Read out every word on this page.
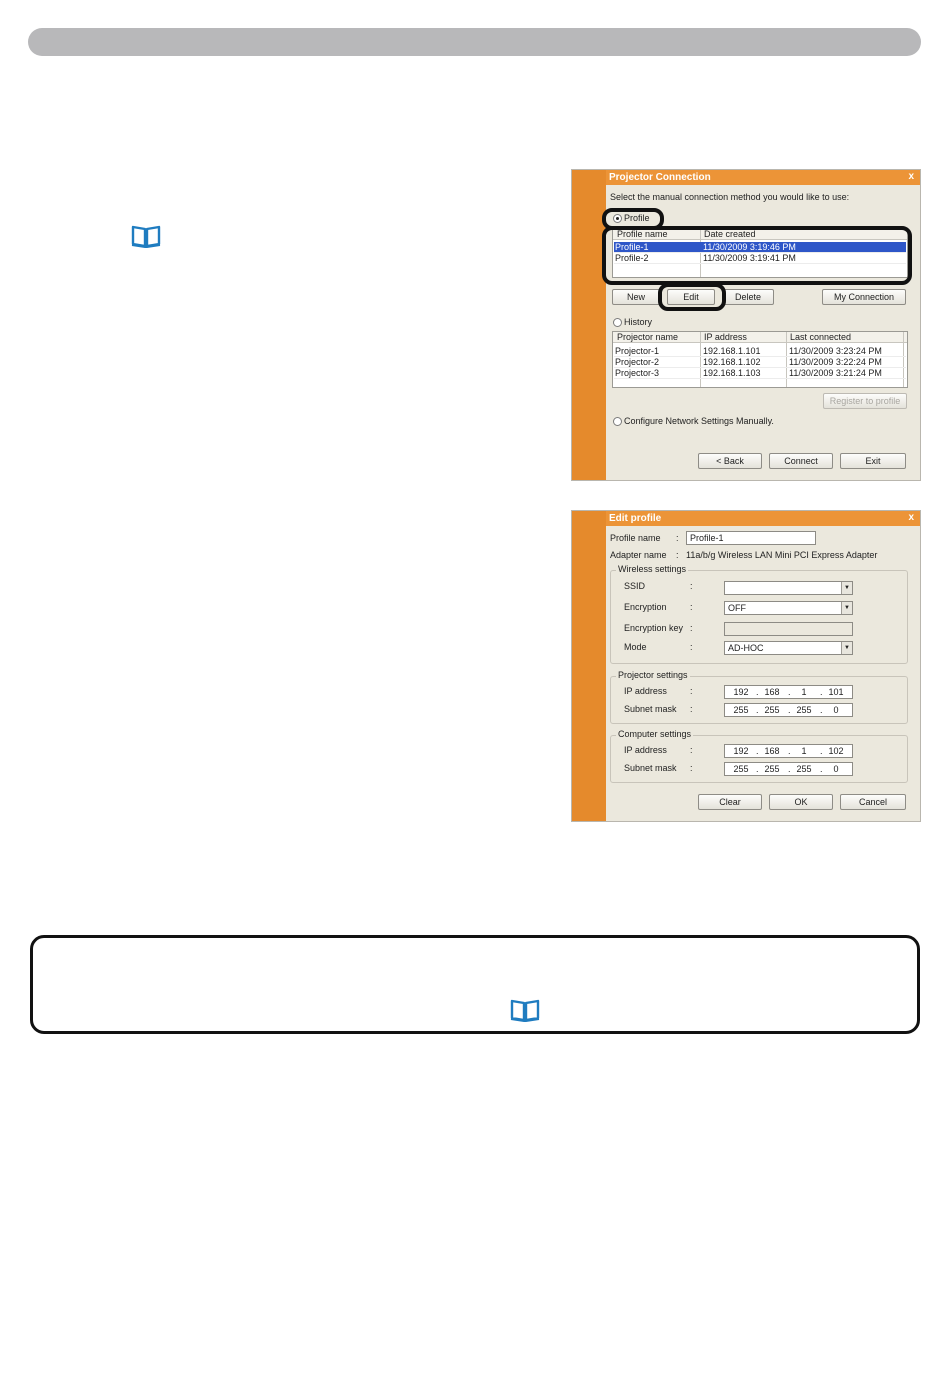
Projector Connection	x
Select the manual connection method you would like to use:
Profile
Profile name	Date created
Profile-1	11/30/2009 3:19:46 PM
Profile-2	11/30/2009 3:19:41 PM
New	Edit	Delete	My Connection
History
Projector name	IP address	Last connected
Projector-1	192.168.1.101	11/30/2009 3:23:24 PM
Projector-2	192.168.1.102	11/30/2009 3:22:24 PM
Projector-3	192.168.1.103	11/30/2009 3:21:24 PM
Register to profile
Configure Network Settings Manually.
< Back	Connect	Exit
Edit profile	x
Profile name :	Profile-1
Adapter name : 11a/b/g Wireless LAN Mini PCI Express Adapter
Wireless settings
SSID	:	▼
Encryption	:	OFF	▼
Encryption key :
Mode	:	AD-HOC	▼
Projector settings
IP address	:	192 . 168 .	1	. 101
Subnet mask :	255 . 255 . 255 .	0
Computer settings
IP address	:	192 . 168 .	1	. 102
Subnet mask :	255 . 255 . 255 .	0
Clear	OK	Cancel
